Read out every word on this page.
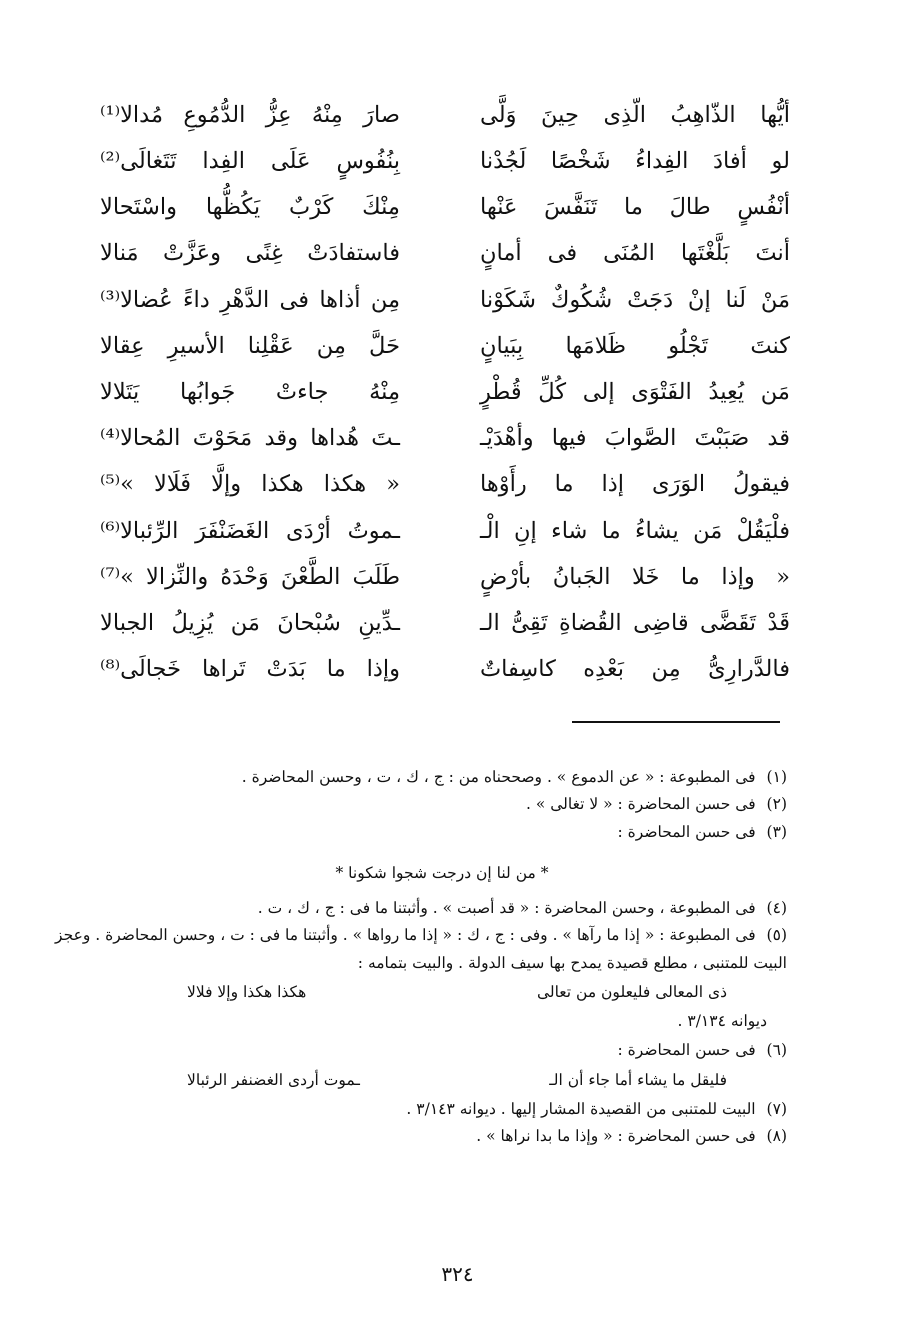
أيُّها الذّاهِبُ الّذِى حِينَ وَلَّى
صارَ مِنْهُ عِزُّ الدُّمُوعِ مُدالا⁽¹⁾
لو أفادَ الفِداءُ شَخْصًا لَجُدْنا
بِنُفُوسٍ عَلَى الفِدا تَتَغالَى⁽²⁾
أنْفُسٍ طالَ ما تَنَفَّسَ عَنْها
مِنْكَ كَرْبٌ يَكُظُّها واسْتَحالا
أنتَ بَلَّغْتَها المُنَى فى أمانٍ
فاستفادَتْ غِنًى وعَزَّتْ مَنالا
مَنْ لَنا إنْ دَجَتْ شُكُوكٌ شَكَوْنا
مِن أذاها فى الدَّهْرِ داءً عُضالا⁽³⁾
كنتَ تَجْلُو ظَلامَها بِبَيانٍ
حَلَّ مِن عَقْلِنا الأسيرِ عِقالا
مَن يُعِيدُ الفَتْوَى إلى كُلِّ قُطْرٍ
مِنْهُ جاءتْ جَوابُها يَتَلالا
قد صَبَبْتَ الصَّوابَ فيها وأهْدَيْـ
ـتَ هُداها وقد مَحَوْتَ المُحالا⁽⁴⁾
فيقولُ الوَرَى إذا ما رأَوْها
« هكذا هكذا وإلَّا فَلَالا »⁽⁵⁾
فلْيَقُلْ مَن يشاءُ ما شاء إنِ الْـ
ـموتُ أرْدَى الغَضَنْفَرَ الرِّئبالا⁽⁶⁾
« وإذا ما خَلا الجَبانُ بأرْضٍ
طَلَبَ الطَّعْنَ وَحْدَهُ والنِّزالا »⁽⁷⁾
قَدْ تَقَضَّى قاضِى القُضاةِ تَقِىُّ الـ
ـدِّينِ سُبْحانَ مَن يُزِيلُ الجبالا
فالدَّرارِىُّ مِن بَعْدِه كاسِفاتٌ
وإذا ما بَدَتْ تَراها خَجالَى⁽⁸⁾
(١) فى المطبوعة : « عن الدموع » . وصححناه من : ج ، ك ، ت ، وحسن المحاضرة .
(٢) فى حسن المحاضرة : « لا تغالى » .
(٣) فى حسن المحاضرة :
* من لنا إن درجت شجوا شكونا *
(٤) فى المطبوعة ، وحسن المحاضرة : « قد أصبت » . وأثبتنا ما فى : ج ، ك ، ت .
(٥) فى المطبوعة : « إذا ما رآها » . وفى : ج ، ك : « إذا ما رواها » . وأثبتنا ما فى : ت ، وحسن المحاضرة . وعجز
البيت للمتنبى ، مطلع قصيدة يمدح بها سيف الدولة . والبيت بتمامه :
ذى المعالى فليعلون من تعالى
هكذا هكذا وإلا فلالا
ديوانه ٣/١٣٤ .
(٦) فى حسن المحاضرة :
فليقل ما يشاء أما جاء أن الـ
ـموت أردى الغضنفر الرئبالا
(٧) البيت للمتنبى من القصيدة المشار إليها . ديوانه ٣/١٤٣ .
(٨) فى حسن المحاضرة : « وإذا ما بدا نراها » .
٣٢٤
